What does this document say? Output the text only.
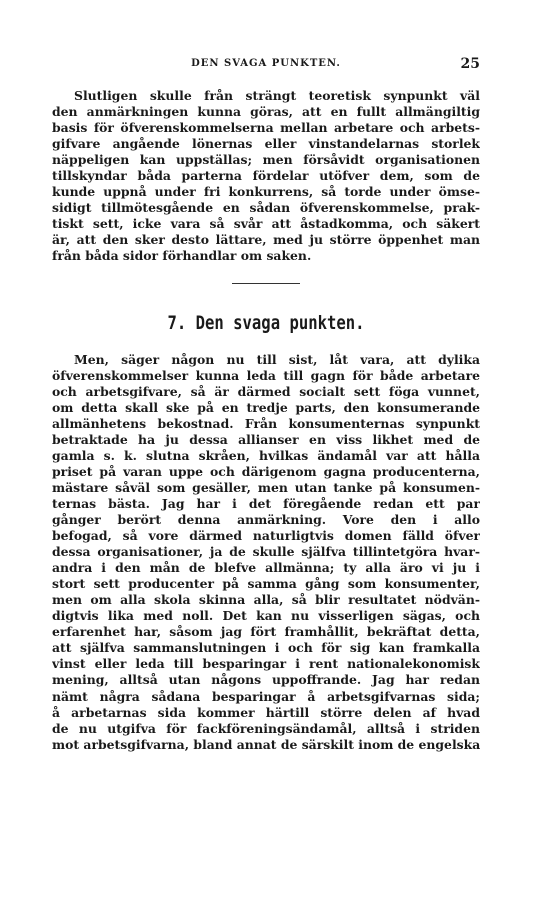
DEN SVAGA PUNKTEN.	25
Slutligen skulle från strängt teoretisk synpunkt väl
den anmärkningen kunna göras, att en fullt allmängiltig
basis för öfverenskommelserna mellan arbetare och arbets-
gifvare angående lönernas eller vinstandelarnas storlek
näppeligen kan uppställas; men försåvidt organisationen
tillskyndar båda parterna fördelar utöfver dem, som de
kunde uppnå under fri konkurrens, så torde under ömse-
sidigt tillmötesgående en sådan öfverenskommelse, prak-
tiskt sett, icke vara så svår att åstadkomma, och säkert
är, att den sker desto lättare, med ju större öppenhet man
från båda sidor förhandlar om saken.
7. Den svaga punkten.
Men, säger någon nu till sist, låt vara, att dylika
öfverenskommelser kunna leda till gagn för både arbetare
och arbetsgifvare, så är därmed socialt sett föga vunnet,
om detta skall ske på en tredje parts, den konsumerande
allmänhetens bekostnad. Från konsumenternas synpunkt
betraktade ha ju dessa allianser en viss likhet med de
gamla s. k. slutna skråen, hvilkas ändamål var att hålla
priset på varan uppe och därigenom gagna producenterna,
mästare såväl som gesäller, men utan tanke på konsumen-
ternas bästa. Jag har i det föregående redan ett par
gånger berört denna anmärkning. Vore den i allo
befogad, så vore därmed naturligtvis domen fälld öfver
dessa organisationer, ja de skulle själfva tillintetgöra hvar-
andra i den mån de blefve allmänna; ty alla äro vi ju i
stort sett producenter på samma gång som konsumenter,
men om alla skola skinna alla, så blir resultatet nödvän-
digtvis lika med noll. Det kan nu visserligen sägas, och
erfarenhet har, såsom jag fört framhållit, bekräftat detta,
att själfva sammanslutningen i och för sig kan framkalla
vinst eller leda till besparingar i rent nationalekonomisk
mening, alltså utan någons uppoffrande. Jag har redan
nämt några sådana besparingar å arbetsgifvarnas sida;
å arbetarnas sida kommer härtill större delen af hvad
de nu utgifva för fackföreningsändamål, alltså i striden
mot arbetsgifvarna, bland annat de särskilt inom de engelska
